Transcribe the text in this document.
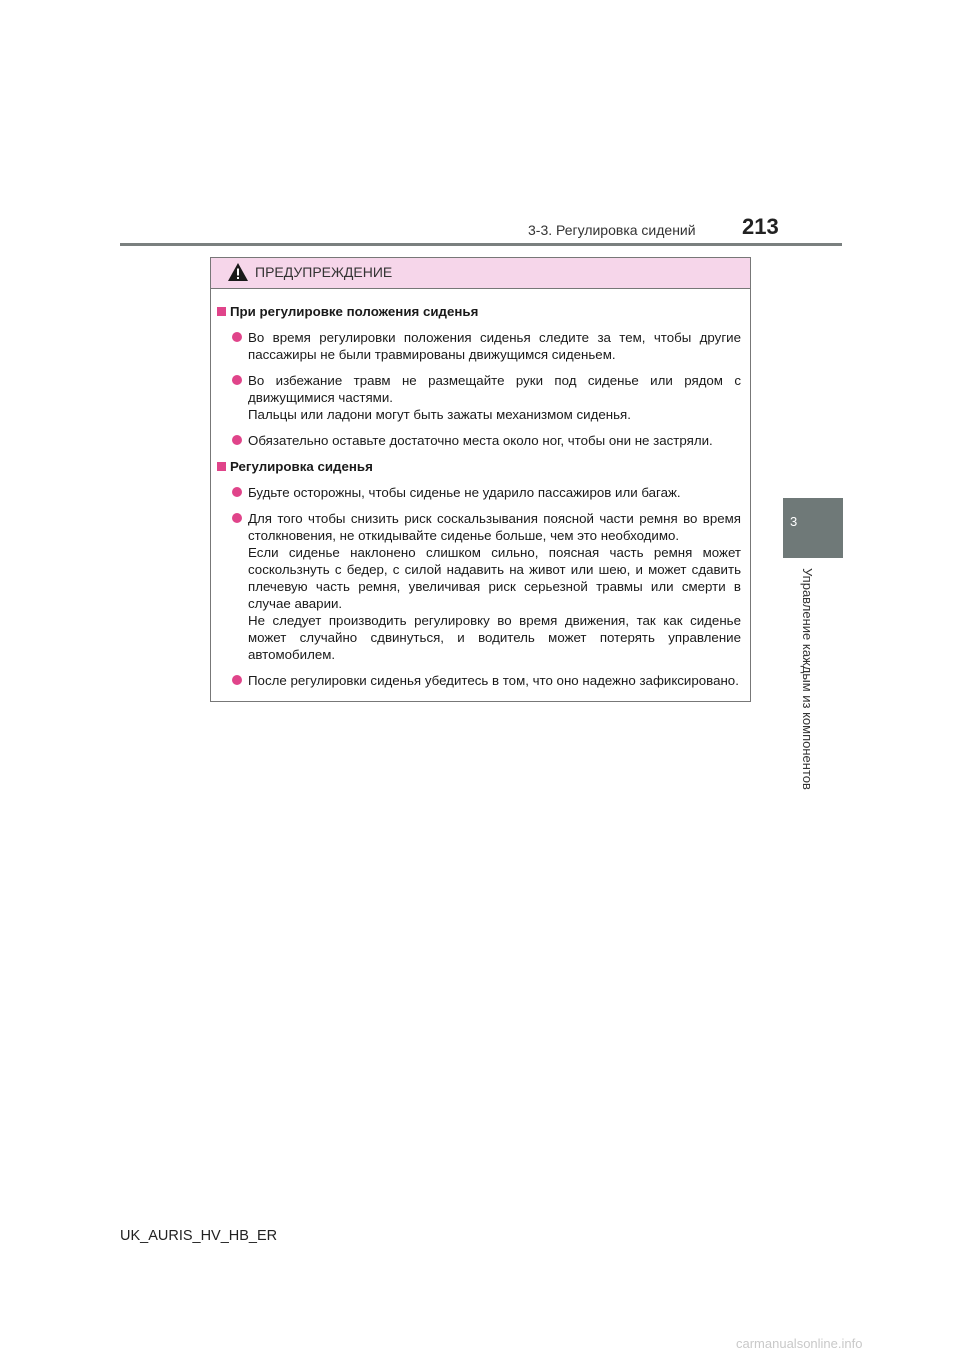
3-3. Регулировка сидений 213
3
Управление каждым из компонентов
ПРЕДУПРЕЖДЕНИЕ
При регулировке положения сиденья

Во время регулировки положения сиденья следите за тем, чтобы другие пассажиры не были травмированы движущимся сиденьем.

Во избежание травм не размещайте руки под сиденье или рядом с движущимися частями.

Пальцы или ладони могут быть зажаты механизмом сиденья.

Обязательно оставьте достаточно места около ног, чтобы они не застряли.

Регулировка сиденья

Будьте осторожны, чтобы сиденье не ударило пассажиров или багаж.

Для того чтобы снизить риск соскальзывания поясной части ремня во время столкновения, не откидывайте сиденье больше, чем это необходимо.

Если сиденье наклонено слишком сильно, поясная часть ремня может соскользнуть с бедер, с силой надавить на живот или шею, и может сдавить плечевую часть ремня, увеличивая риск серьезной травмы или смерти в случае аварии.

Не следует производить регулировку во время движения, так как сиденье может случайно сдвинуться, и водитель может потерять управление автомобилем.

После регулировки сиденья убедитесь в том, что оно надежно зафиксировано.

UK_AURIS_HV_HB_ER
carmanualsonline.info
